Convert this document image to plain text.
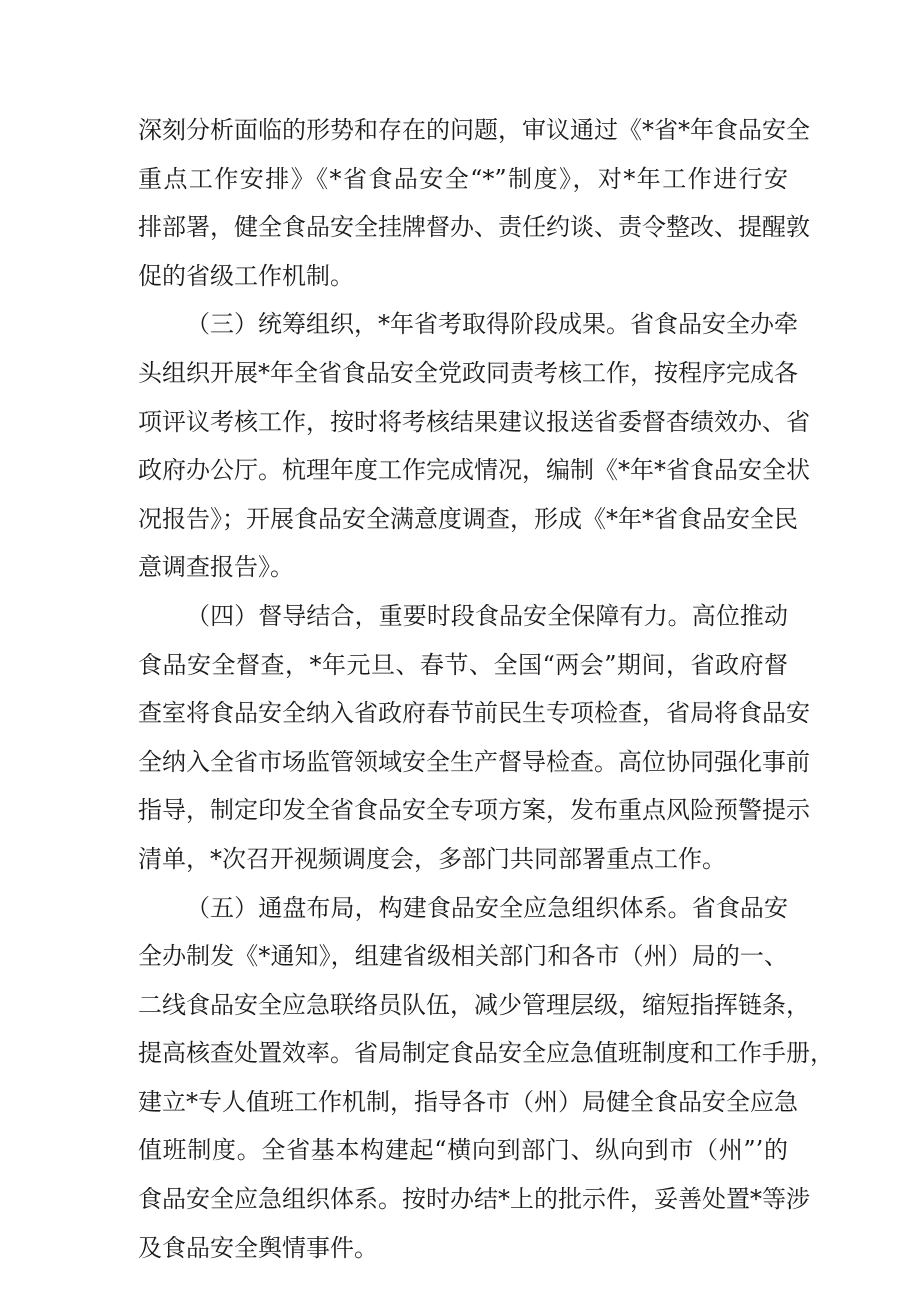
深刻分析面临的形势和存在的问题，审议通过《*省*年食品安全
重点工作安排》《*省食品安全“*”制度》，对*年工作进行安
排部署，健全食品安全挂牌督办、责任约谈、责令整改、提醒敦
促的省级工作机制。
（三）统筹组织，*年省考取得阶段成果。省食品安全办牵
头组织开展*年全省食品安全党政同责考核工作，按程序完成各
项评议考核工作，按时将考核结果建议报送省委督杳绩效办、省
政府办公厅。杭理年度工作完成情况，编制《*年*省食品安全状
况报告》；开展食品安全满意度调查，形成《*年*省食品安全民
意调查报告》。
（四）督导结合，重要时段食品安全保障有力。高位推动
食品安全督查，*年元旦、春节、全国“两会”期间，省政府督
查室将食品安全纳入省政府春节前民生专项检查，省局将食品安
全纳入全省市场监管领域安全生产督导检查。高位协同强化事前
指导，制定印发全省食品安全专项方案，发布重点风险预警提示
清单，*次召开视频调度会，多部门共同部署重点工作。
（五）通盘布局，构建食品安全应急组织体系。省食品安
全办制发《*通知》，组建省级相关部门和各市（州）局的一、
二线食品安全应急联络员队伍，减少管理层级，缩短指挥链条，
提高核查处置效率。省局制定食品安全应急值班制度和工作手册，
建立*专人值班工作机制，指导各市（州）局健全食品安全应急
值班制度。全省基本构建起“横向到部门、纵向到市（州”’的
食品安全应急组织体系。按时办结*上的批示件，妥善处置*等涉
及食品安全舆情事件。
